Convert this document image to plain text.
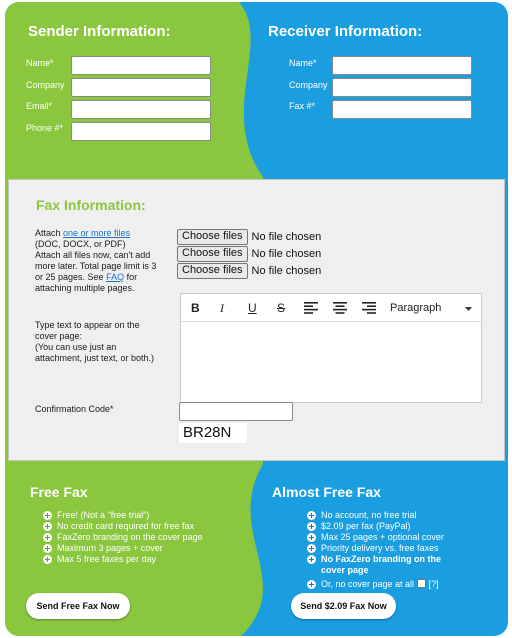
Sender Information:
Name*
Company
Email*
Phone #*
Receiver Information:
Name*
Company
Fax #*
Fax Information:
Attach one or more files
(DOC, DOCX, or PDF)
Attach all files now, can't add
more later. Total page limit is 3
or 25 pages. See FAQ for
attaching multiple pages.
Choose files No file chosen
Choose files No file chosen
Choose files No file chosen
Type text to appear on the
cover page:
(You can use just an
attachment, just text, or both.)
B I U S	Paragraph
Confirmation Code*
BR28N
Free Fax
Free! (Not a "free trial")
No credit card required for free fax
FaxZero branding on the cover page
Maximum 3 pages + cover
Max 5 free faxes per day
Send Free Fax Now
Almost Free Fax
No account, no free trial
$2.09 per fax (PayPal)
Max 25 pages + optional cover
Priority delivery vs. free faxes
No FaxZero branding on the
cover page
Or, no cover page at all [?]
Send $2.09 Fax Now
